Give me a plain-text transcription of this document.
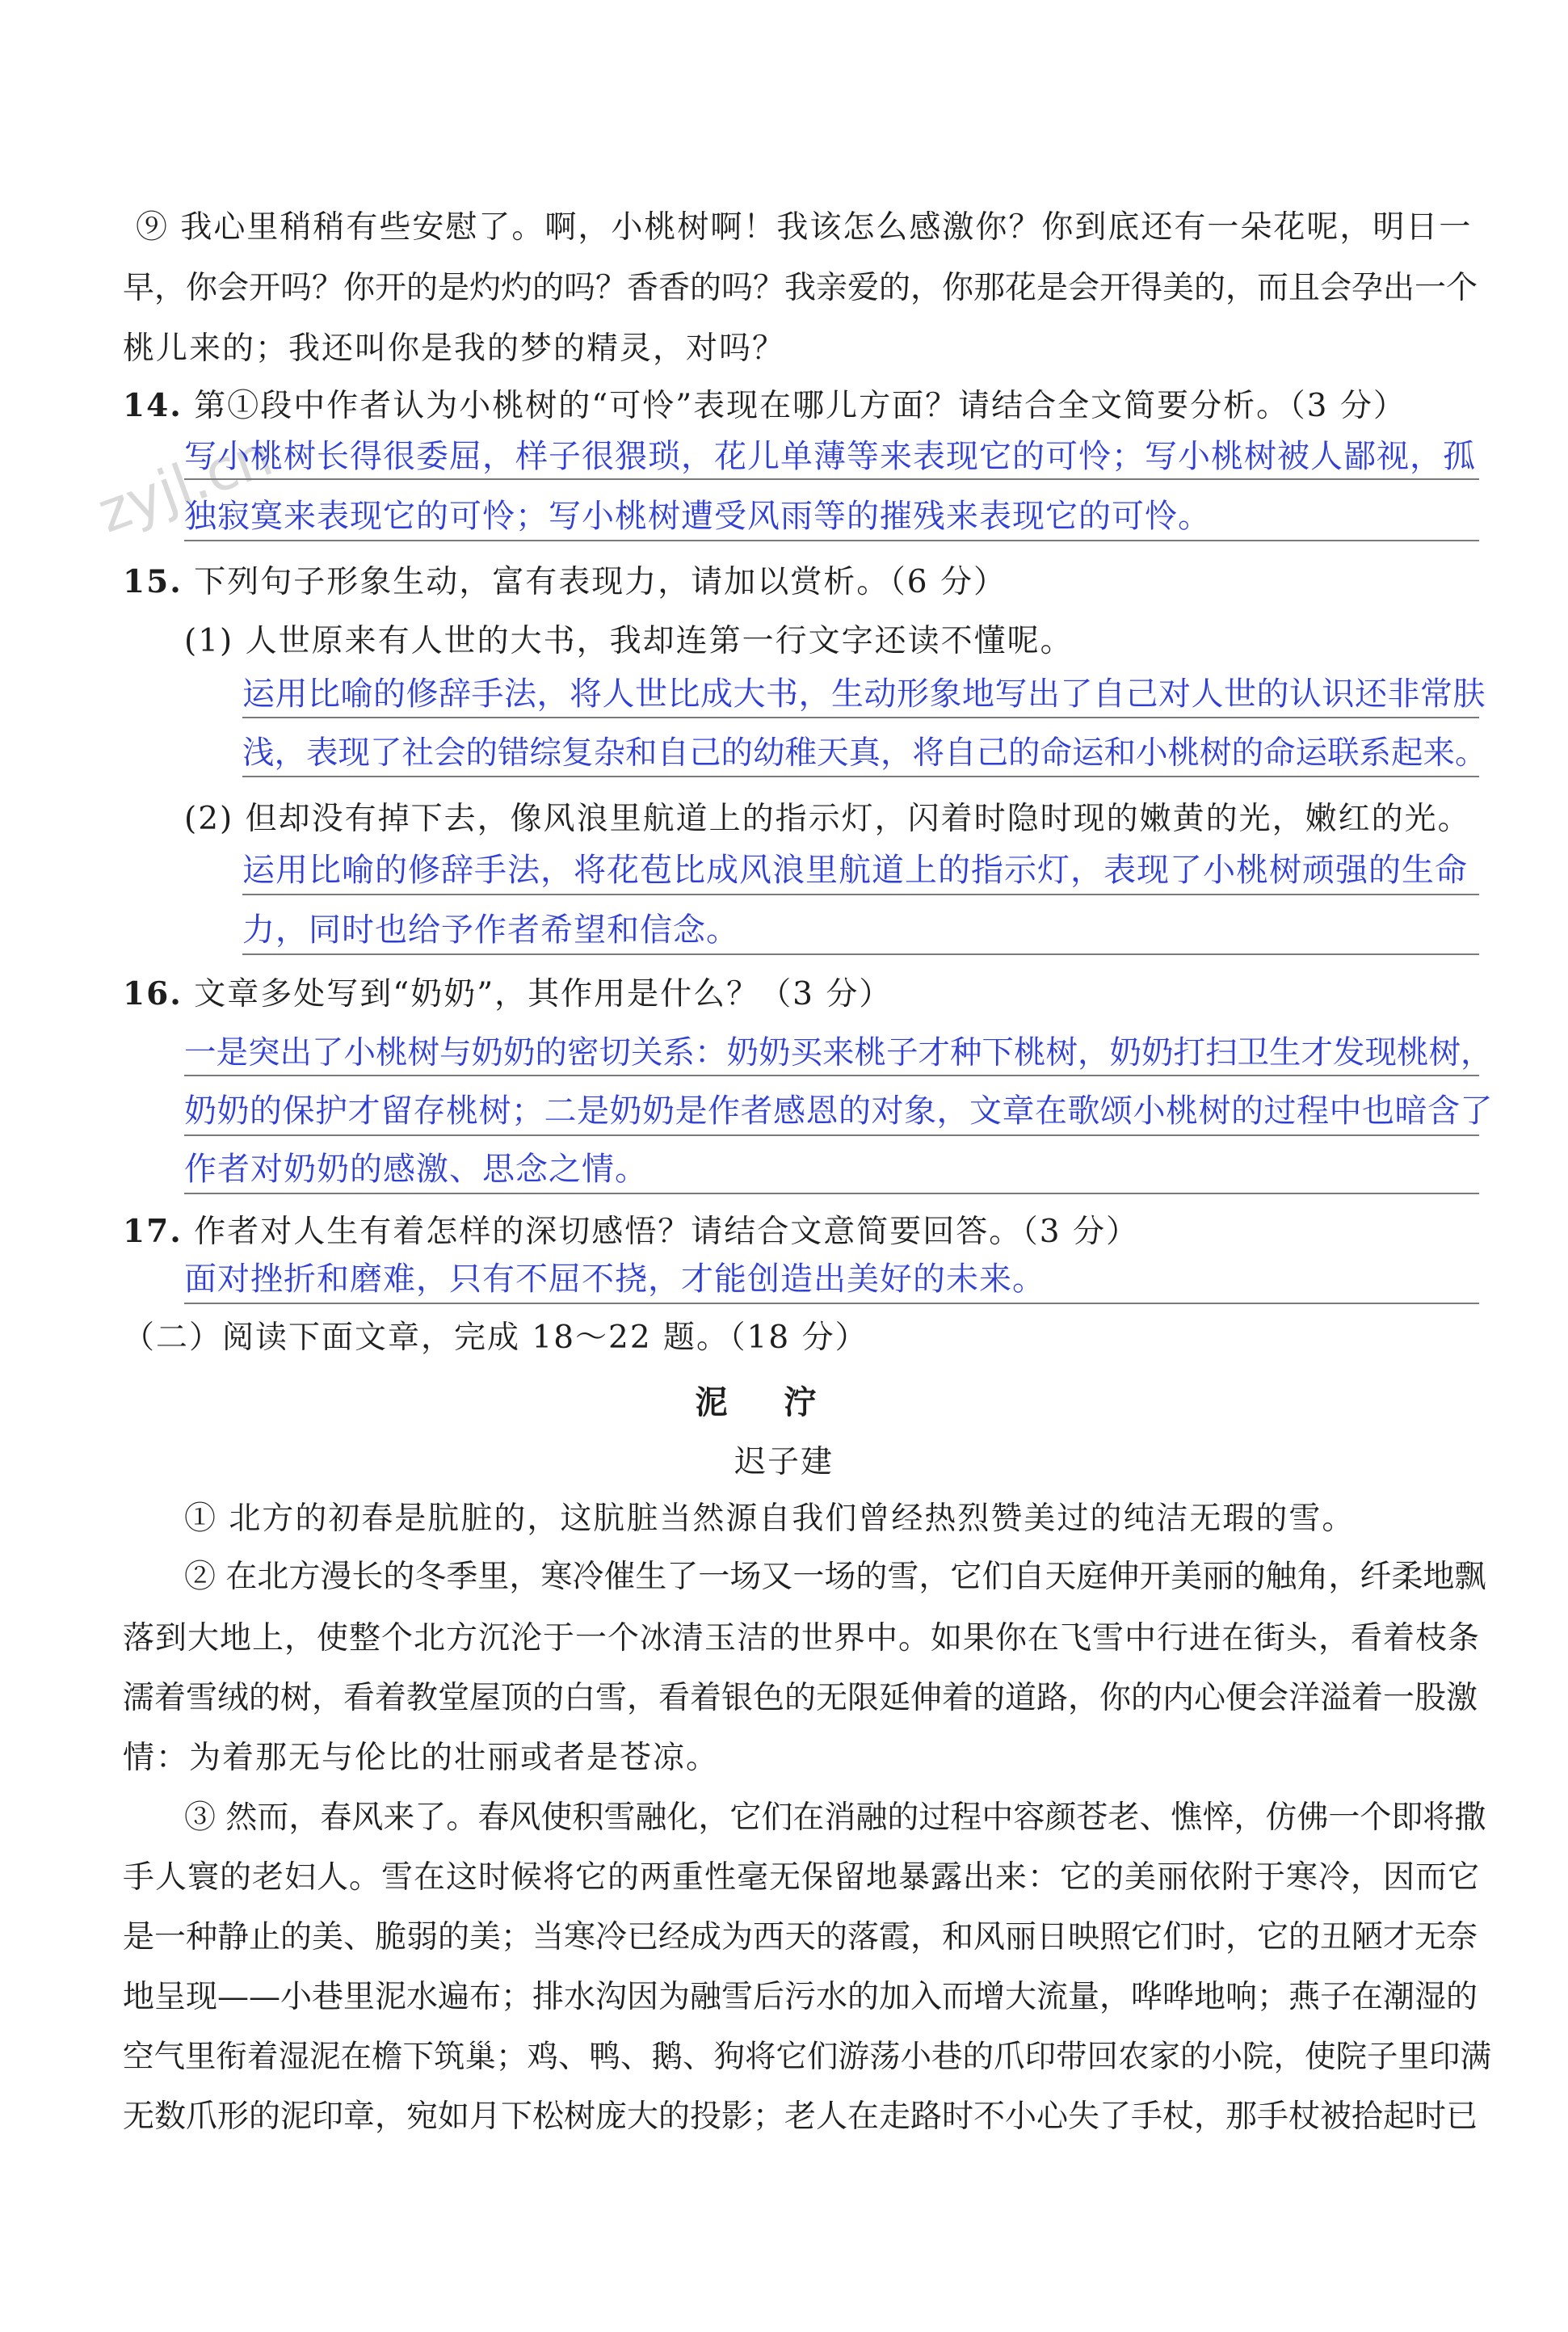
zyjl.cn
⑨ 我心里稍稍有些安慰了。啊，小桃树啊！我该怎么感激你？你到底还有一朵花呢，明日一
早，你会开吗？你开的是灼灼的吗？香香的吗？我亲爱的，你那花是会开得美的，而且会孕出一个
桃儿来的；我还叫你是我的梦的精灵，对吗？
14. 第①段中作者认为小桃树的“可怜”表现在哪儿方面？请结合全文简要分析。（3 分）
写小桃树长得很委屈，样子很猥琐，花儿单薄等来表现它的可怜；写小桃树被人鄙视，孤
独寂寞来表现它的可怜；写小桃树遭受风雨等的摧残来表现它的可怜。
15. 下列句子形象生动，富有表现力，请加以赏析。（6 分）
(1) 人世原来有人世的大书，我却连第一行文字还读不懂呢。
运用比喻的修辞手法，将人世比成大书，生动形象地写出了自己对人世的认识还非常肤
浅，表现了社会的错综复杂和自己的幼稚天真，将自己的命运和小桃树的命运联系起来。
(2) 但却没有掉下去，像风浪里航道上的指示灯，闪着时隐时现的嫩黄的光，嫩红的光。
运用比喻的修辞手法，将花苞比成风浪里航道上的指示灯，表现了小桃树顽强的生命
力，同时也给予作者希望和信念。
16. 文章多处写到“奶奶”，其作用是什么？（3 分）
一是突出了小桃树与奶奶的密切关系：奶奶买来桃子才种下桃树，奶奶打扫卫生才发现桃树，
奶奶的保护才留存桃树；二是奶奶是作者感恩的对象，文章在歌颂小桃树的过程中也暗含了
作者对奶奶的感激、思念之情。
17. 作者对人生有着怎样的深切感悟？请结合文意简要回答。（3 分）
面对挫折和磨难，只有不屈不挠，才能创造出美好的未来。
（二）阅读下面文章，完成 18～22 题。（18 分）
泥泞
迟子建
① 北方的初春是肮脏的，这肮脏当然源自我们曾经热烈赞美过的纯洁无瑕的雪。
② 在北方漫长的冬季里，寒冷催生了一场又一场的雪，它们自天庭伸开美丽的触角，纤柔地飘
落到大地上，使整个北方沉沦于一个冰清玉洁的世界中。如果你在飞雪中行进在街头，看着枝条
濡着雪绒的树，看着教堂屋顶的白雪，看着银色的无限延伸着的道路，你的内心便会洋溢着一股激
情：为着那无与伦比的壮丽或者是苍凉。
③ 然而，春风来了。春风使积雪融化，它们在消融的过程中容颜苍老、憔悴，仿佛一个即将撒
手人寰的老妇人。雪在这时候将它的两重性毫无保留地暴露出来：它的美丽依附于寒冷，因而它
是一种静止的美、脆弱的美；当寒冷已经成为西天的落霞，和风丽日映照它们时，它的丑陋才无奈
地呈现——小巷里泥水遍布；排水沟因为融雪后污水的加入而增大流量，哗哗地响；燕子在潮湿的
空气里衔着湿泥在檐下筑巢；鸡、鸭、鹅、狗将它们游荡小巷的爪印带回农家的小院，使院子里印满
无数爪形的泥印章，宛如月下松树庞大的投影；老人在走路时不小心失了手杖，那手杖被拾起时已
